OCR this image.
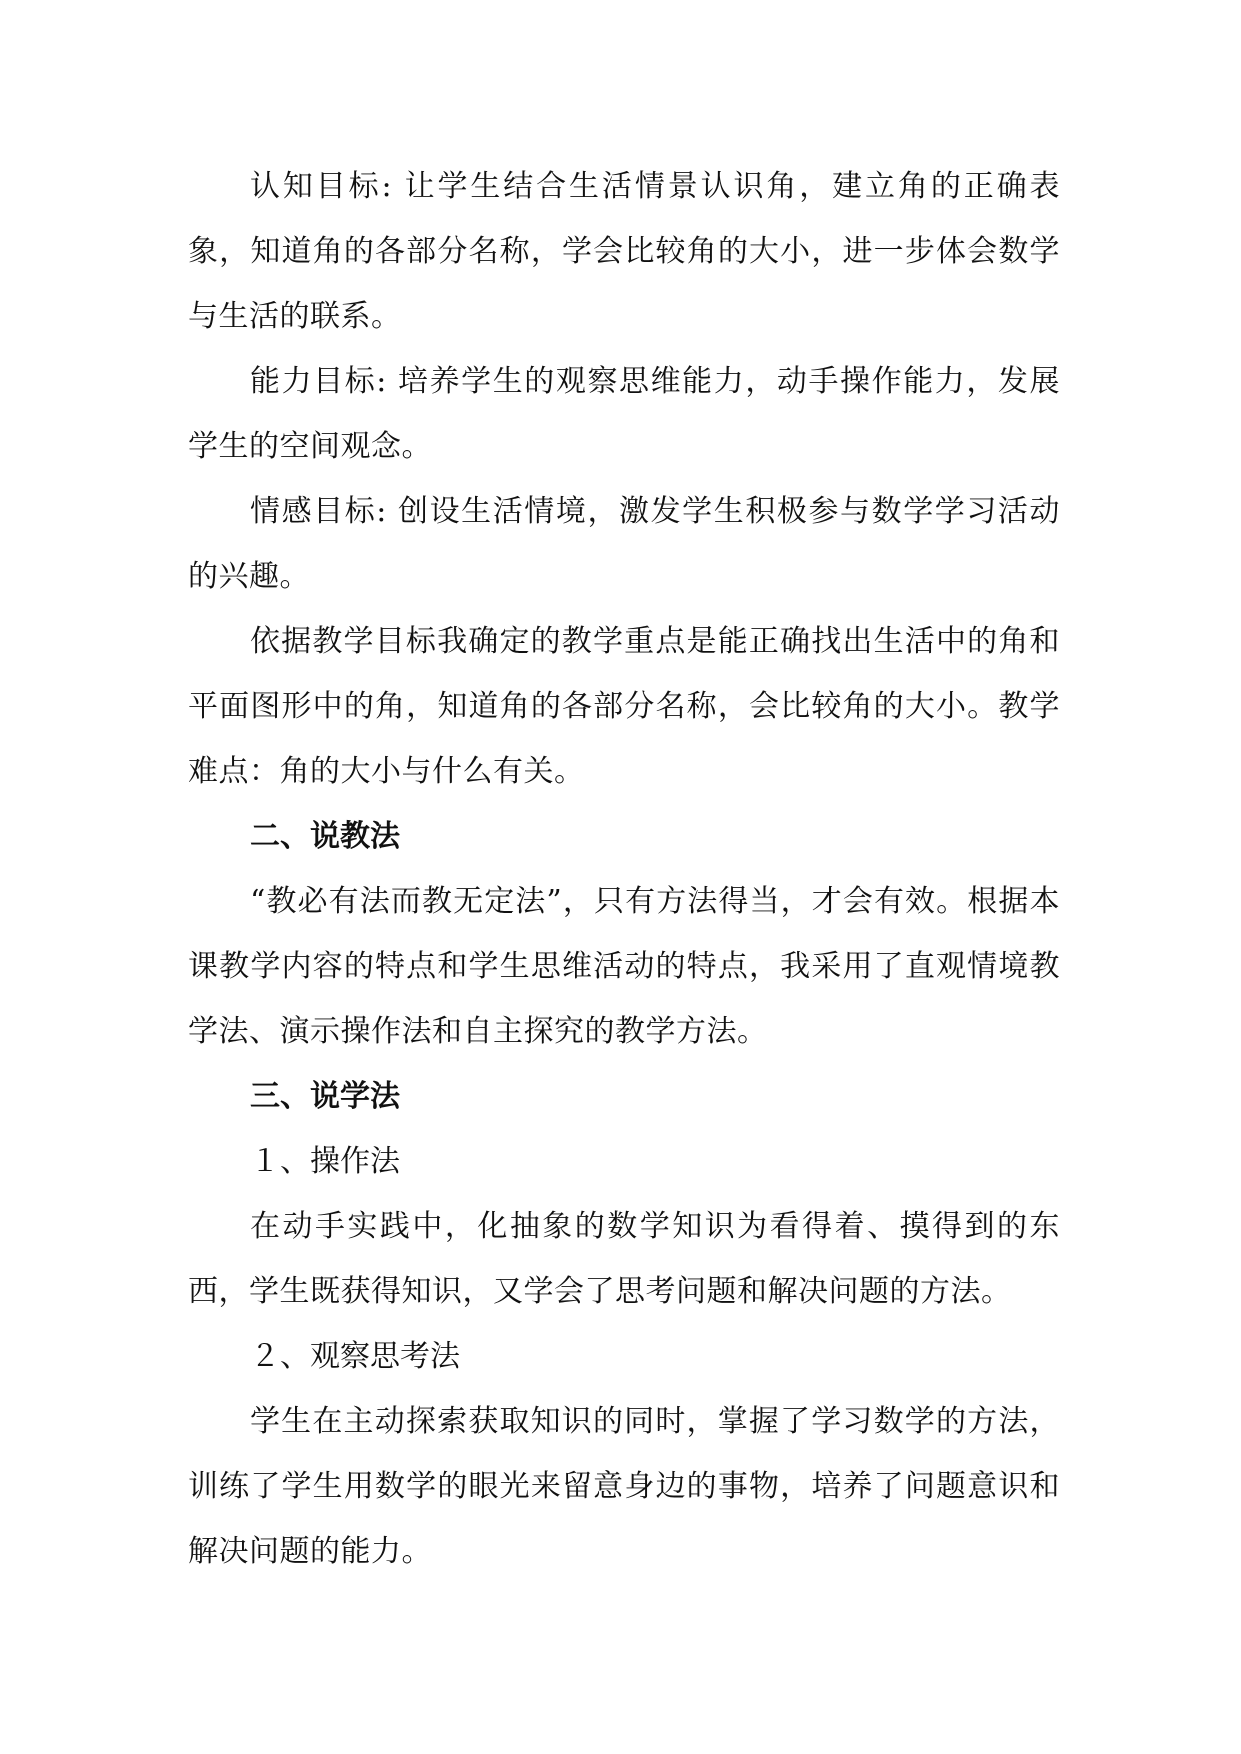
认知目标: 让学生结合生活情景认识角，建立角的正确表象，知道角的各部分名称，学会比较角的大小，进一步体会数学与生活的联系。

能力目标: 培养学生的观察思维能力，动手操作能力，发展学生的空间观念。

情感目标: 创设生活情境，激发学生积极参与数学学习活动的兴趣。

依据教学目标我确定的教学重点是能正确找出生活中的角和平面图形中的角，知道角的各部分名称，会比较角的大小。教学难点：角的大小与什么有关。

二、说教法

“教必有法而教无定法”，只有方法得当，才会有效。根据本课教学内容的特点和学生思维活动的特点，我采用了直观情境教学法、演示操作法和自主探究的教学方法。

三、说学法

１、操作法

在动手实践中，化抽象的数学知识为看得着、摸得到的东西，学生既获得知识，又学会了思考问题和解决问题的方法。

２、观察思考法

学生在主动探索获取知识的同时，掌握了学习数学的方法，训练了学生用数学的眼光来留意身边的事物，培养了问题意识和解决问题的能力。
